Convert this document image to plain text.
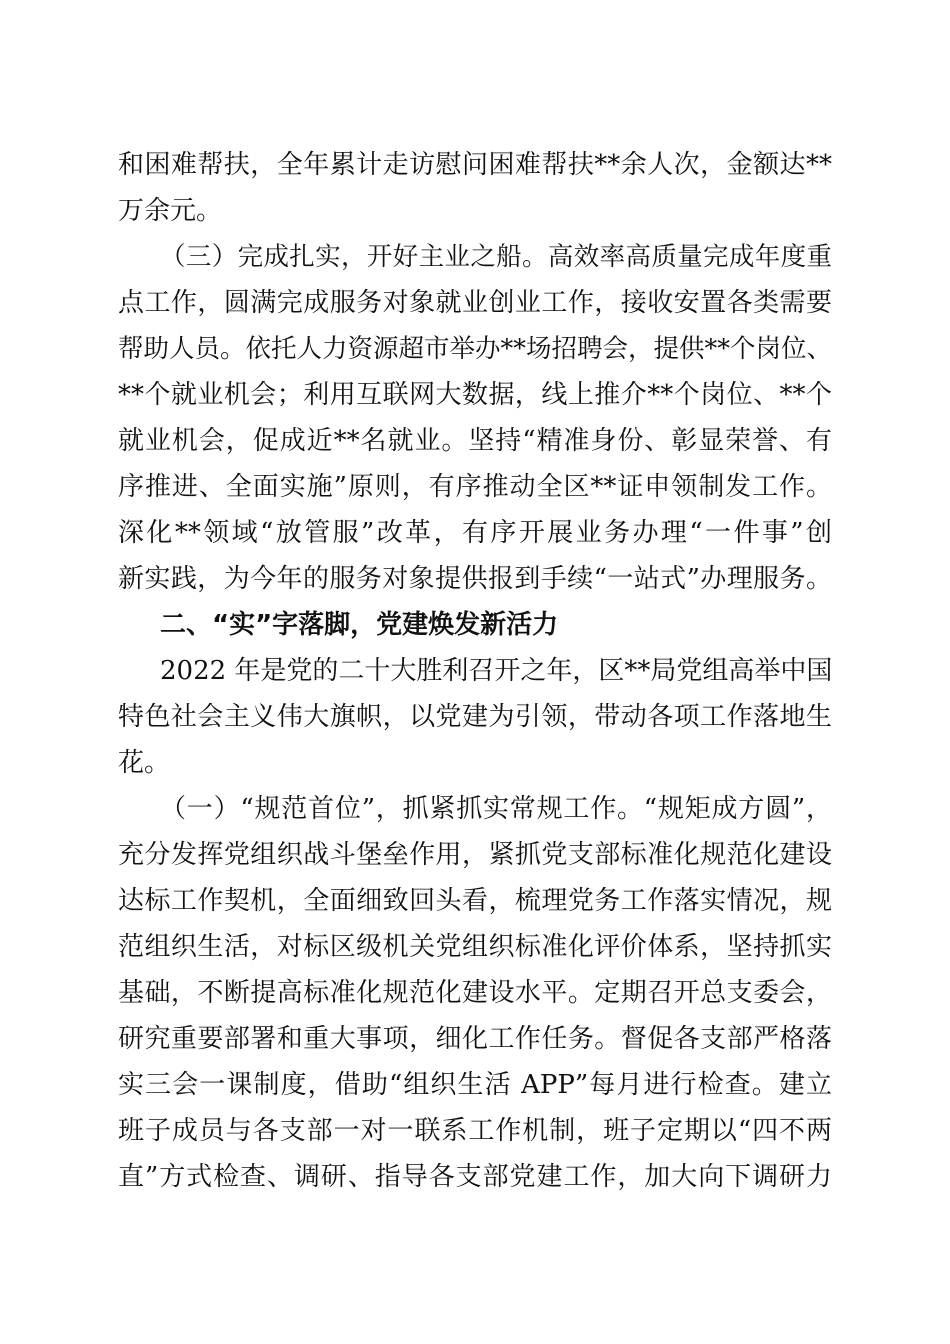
和困难帮扶，全年累计走访慰问困难帮扶**余人次，金额达**
万余元。
（三）完成扎实，开好主业之船。高效率高质量完成年度重
点工作，圆满完成服务对象就业创业工作，接收安置各类需要
帮助人员。依托人力资源超市举办**场招聘会，提供**个岗位、
**个就业机会；利用互联网大数据，线上推介**个岗位、**个
就业机会，促成近**名就业。坚持“精准身份、彰显荣誉、有
序推进、全面实施”原则，有序推动全区**证申领制发工作。
深化**领域“放管服”改革，有序开展业务办理“一件事”创
新实践，为今年的服务对象提供报到手续“一站式”办理服务。
二、“实”字落脚，党建焕发新活力
2022 年是党的二十大胜利召开之年，区**局党组高举中国
特色社会主义伟大旗帜，以党建为引领，带动各项工作落地生
花。
（一）“规范首位”，抓紧抓实常规工作。“规矩成方圆”，
充分发挥党组织战斗堡垒作用，紧抓党支部标准化规范化建设
达标工作契机，全面细致回头看，梳理党务工作落实情况，规
范组织生活，对标区级机关党组织标准化评价体系，坚持抓实
基础，不断提高标准化规范化建设水平。定期召开总支委会，
研究重要部署和重大事项，细化工作任务。督促各支部严格落
实三会一课制度，借助“组织生活 APP”每月进行检查。建立
班子成员与各支部一对一联系工作机制，班子定期以“四不两
直”方式检查、调研、指导各支部党建工作，加大向下调研力
